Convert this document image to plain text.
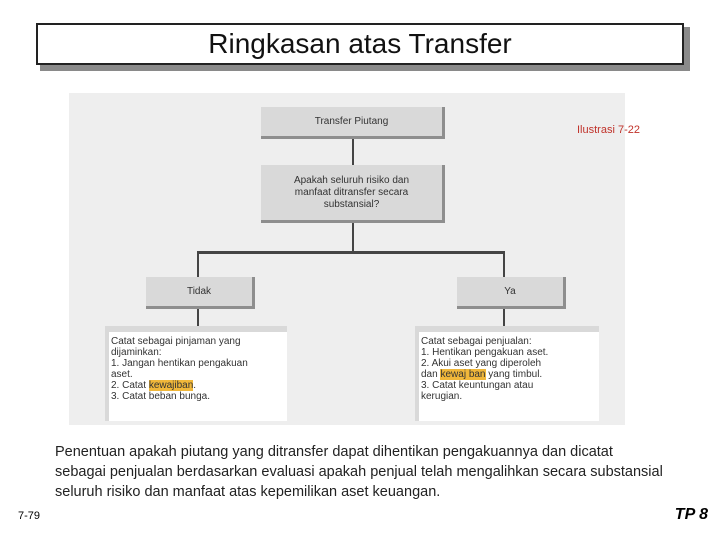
Ringkasan atas Transfer
Transfer Piutang
Apakah seluruh risiko dan
manfaat ditransfer secara
substansial?
Tidak	Ya
Catat sebagai pinjaman yang
dijaminkan:
1. Jangan hentikan pengakuan
aset.
2. Catat kewajiban.
3. Catat beban bunga.
Catat sebagai penjualan:
1. Hentikan pengakuan aset.
2. Akui aset yang diperoleh
dan kewaj ban yang timbul.
3. Catat keuntungan atau
kerugian.
Ilustrasi 7-22
Penentuan apakah piutang yang ditransfer dapat dihentikan pengakuannya dan dicatat sebagai penjualan berdasarkan evaluasi apakah penjual telah mengalihkan secara substansial seluruh risiko dan manfaat atas kepemilikan aset keuangan.
7-79	TP 8
